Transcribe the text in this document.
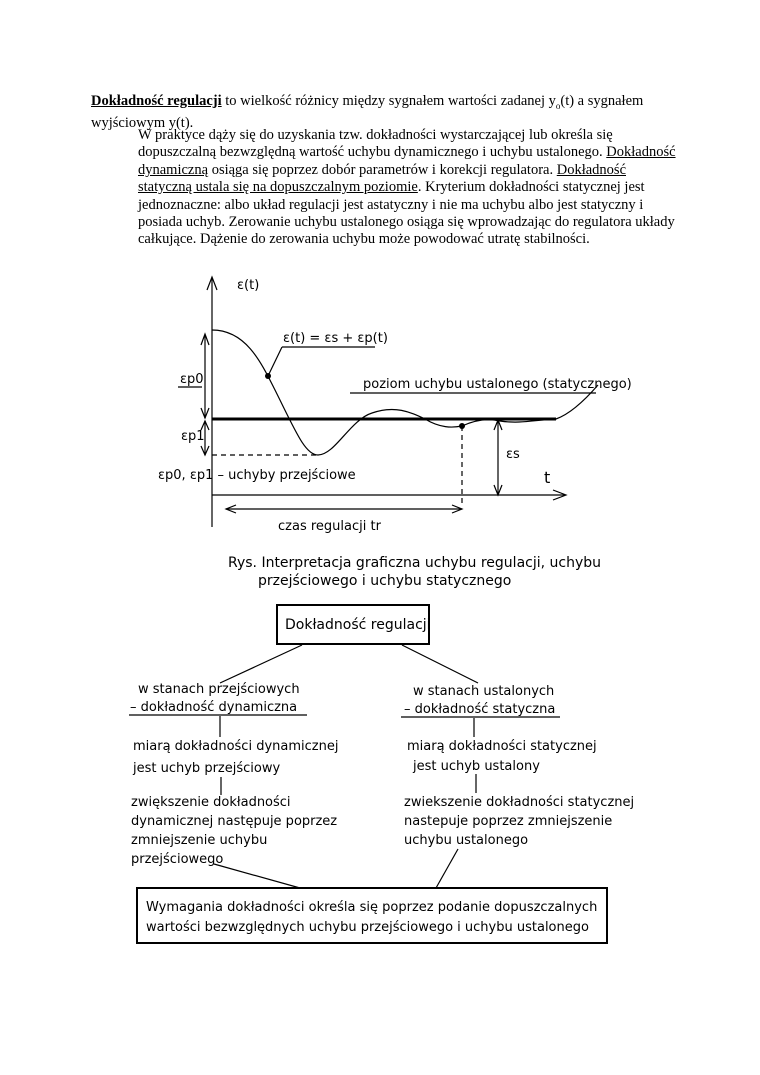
Dokładność regulacji to wielkość różnicy między sygnałem wartości zadanej $y_o(t)$ a sygnałem wyjściowym y(t).
W praktyce dąży się do uzyskania tzw. dokładności wystarczającej lub określa się dopuszczalną bezwzględną wartość uchybu dynamicznego i uchybu ustalonego. Dokładność dynamiczną osiąga się poprzez dobór parametrów i korekcji regulatora. Dokładność statyczną ustala się na dopuszczalnym poziomie. Kryterium dokładności statycznej jest jednoznaczne: albo układ regulacji jest astatyczny i nie ma uchybu albo jest statyczny i posiada uchyb. Zerowanie uchybu ustalonego osiąga się wprowadzając do regulatora układy całkujące. Dążenie do zerowania uchybu może powodować utratę stabilności.
ε(t)
t
ε(t) = εs + εp(t)
poziom uchybu ustalonego (statycznego)
εp0
εp1
εs
εp0, εp1 – uchyby przejściowe
czas regulacji tr
Rys. Interpretacja graficzna uchybu regulacji, uchybu
przejściowego i uchybu statycznego
Dokładność regulacji
w stanach przejściowych
– dokładność dynamiczna
w stanach ustalonych
– dokładność statyczna
miarą dokładności dynamicznej
jest uchyb przejściowy
miarą dokładności statycznej
jest uchyb ustalony
zwiększenie dokładności
dynamicznej następuje poprzez
zmniejszenie uchybu
przejściowego
zwiekszenie dokładności statycznej
nastepuje poprzez zmniejszenie
uchybu ustalonego
Wymagania dokładności określa się poprzez podanie dopuszczalnych
wartości bezwzględnych uchybu przejściowego i uchybu ustalonego
